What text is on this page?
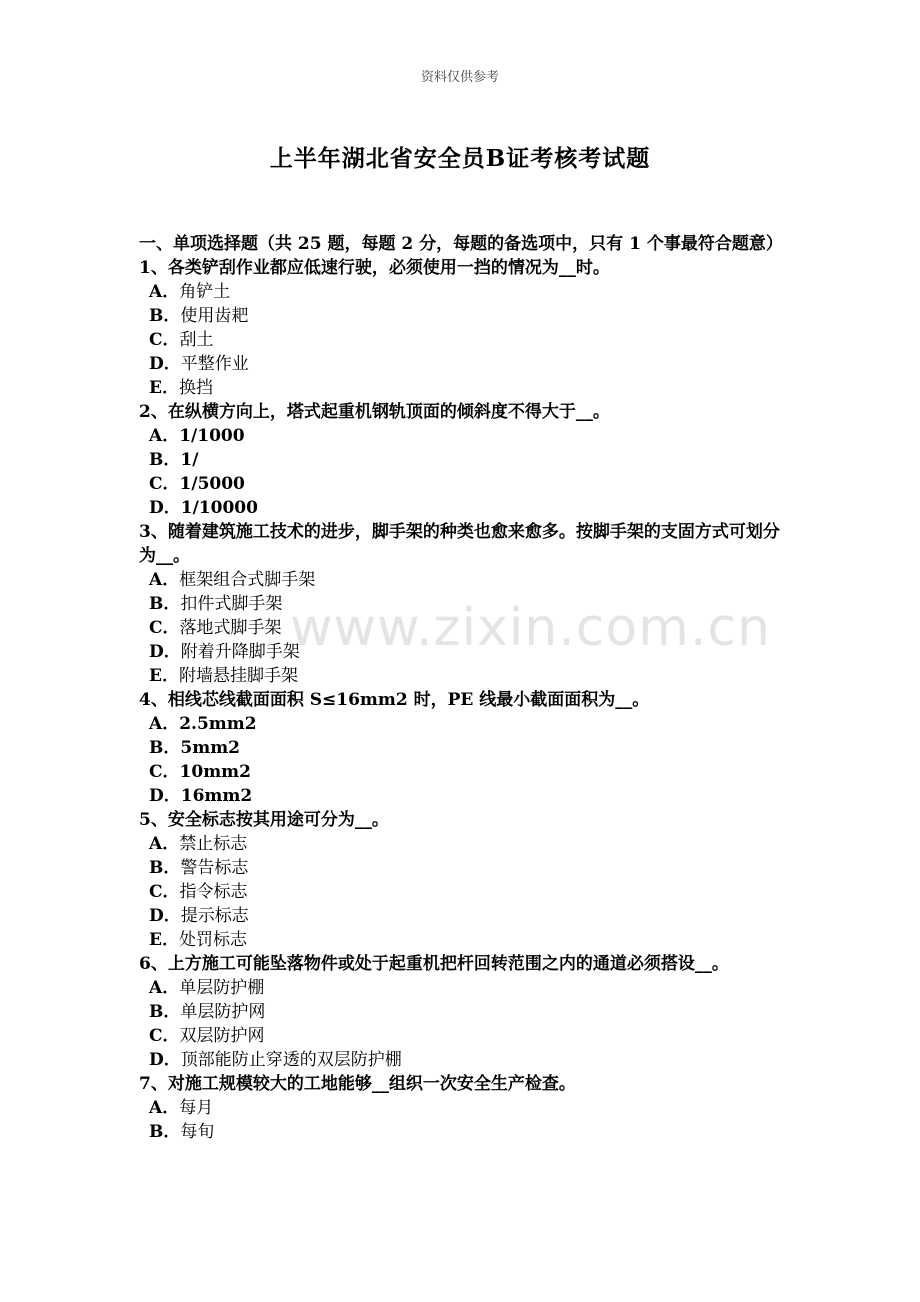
资料仅供参考
上半年湖北省安全员B证考核考试题
www.zixin.com.cn
一、单项选择题（共 25 题，每题 2 分，每题的备选项中，只有 1 个事最符合题意）
1、各类铲刮作业都应低速行驶，必须使用一挡的情况为__时。
A．角铲土
B．使用齿耙
C．刮土
D．平整作业
E．换挡
2、在纵横方向上，塔式起重机钢轨顶面的倾斜度不得大于__。
A．1/1000
B．1/
C．1/5000
D．1/10000
3、随着建筑施工技术的进步，脚手架的种类也愈来愈多。按脚手架的支固方式可划分为__。
A．框架组合式脚手架
B．扣件式脚手架
C．落地式脚手架
D．附着升降脚手架
E．附墙悬挂脚手架
4、相线芯线截面面积 S≤16mm2 时，PE 线最小截面面积为__。
A．2.5mm2
B．5mm2
C．10mm2
D．16mm2
5、安全标志按其用途可分为__。
A．禁止标志
B．警告标志
C．指令标志
D．提示标志
E．处罚标志
6、上方施工可能坠落物件或处于起重机把杆回转范围之内的通道必须搭设__。
A．单层防护棚
B．单层防护网
C．双层防护网
D．顶部能防止穿透的双层防护棚
7、对施工规模较大的工地能够__组织一次安全生产检查。
A．每月
B．每旬
